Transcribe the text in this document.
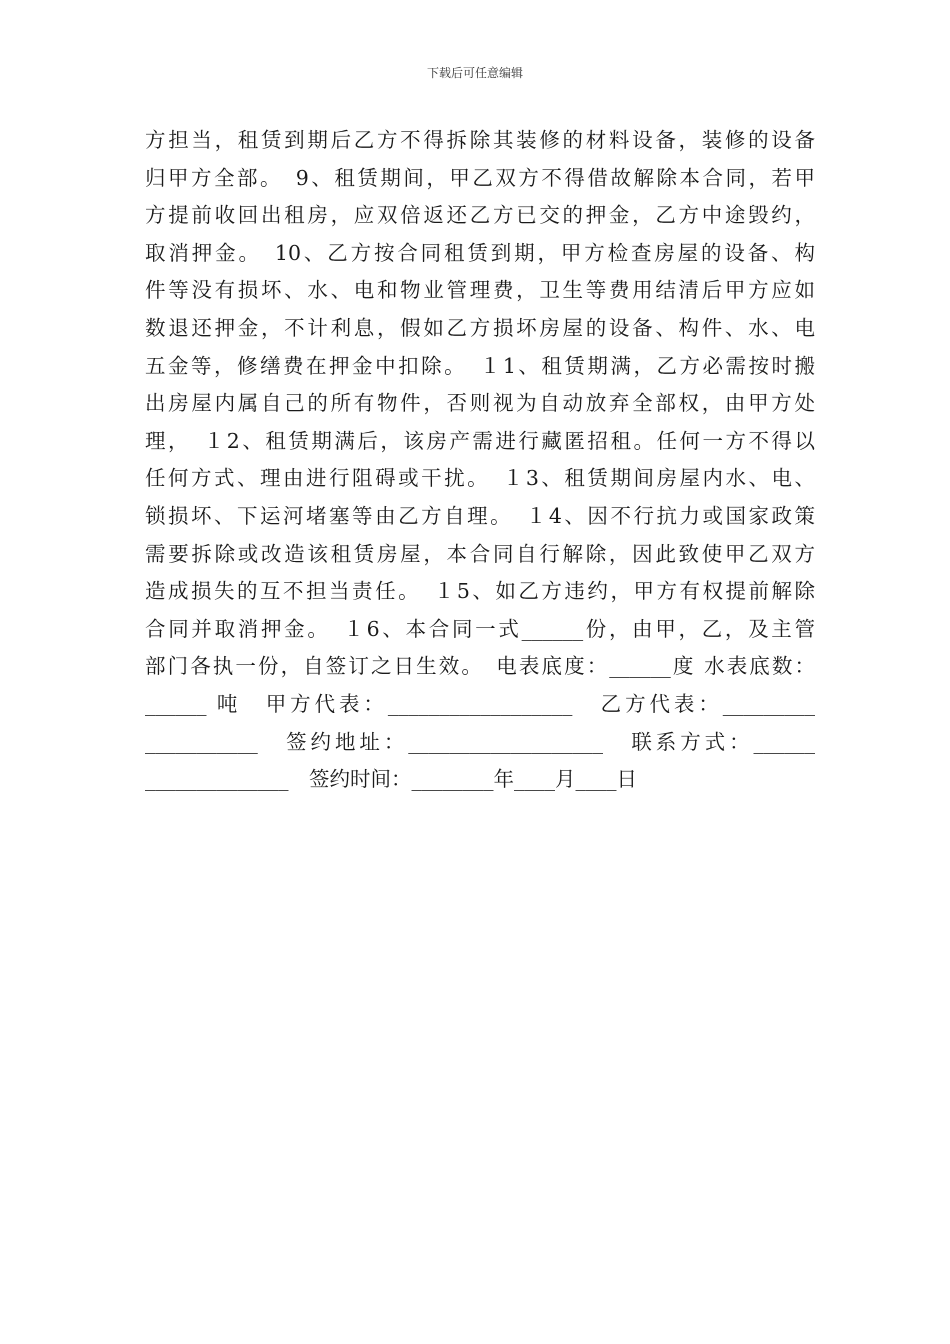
下载后可任意编辑
方担当，租赁到期后乙方不得拆除其装修的材料设备，装修的设备
归甲方全部。　9、租赁期间，甲乙双方不得借故解除本合同，若甲
方提前收回出租房，应双倍返还乙方已交的押金，乙方中途毁约，
取消押金。　10、乙方按合同租赁到期，甲方检查房屋的设备、构
件等没有损坏、水、电和物业管理费，卫生等费用结清后甲方应如
数退还押金，不计利息，假如乙方损坏房屋的设备、构件、水、电
五金等，修缮费在押金中扣除。　１1、租赁期满，乙方必需按时搬
出房屋内属自己的所有物件，否则视为自动放弃全部权，由甲方处
理，　１2、租赁期满后，该房产需进行藏匿招租。任何一方不得以
任何方式、理由进行阻碍或干扰。　１3、租赁期间房屋内水、电、
锁损坏、下运河堵塞等由乙方自理。　１4、因不行抗力或国家政策
需要拆除或改造该租赁房屋，本合同自行解除，因此致使甲乙双方
造成损失的互不担当责任。　１5、如乙方违约，甲方有权提前解除
合同并取消押金。　１6、本合同一式______份，由甲，乙，及主管
部门各执一份，自签订之日生效。　电表底度：______度 水表底数：
______ 吨　甲方代表：__________________　乙方代表：_________
___________　签约地址：___________________　联系方式：______
______________　签约时间：________年____月____日
